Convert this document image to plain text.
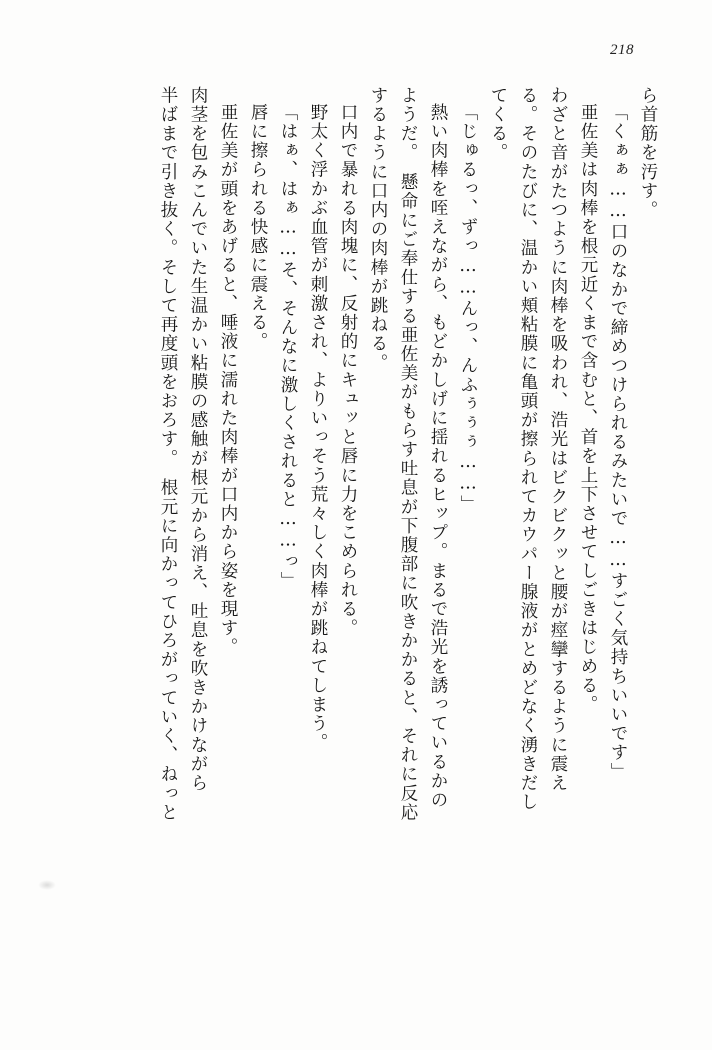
218
ら首筋を汚す。
「くぁぁ……口のなかで締めつけられるみたいで……すごく気持ちいいです」
亜佐美は肉棒を根元近くまで含むと、首を上下させてしごきはじめる。
わざと音がたつように肉棒を吸われ、浩光はビクビクッと腰が痙攣するように震え
る。そのたびに、温かい頬粘膜に亀頭が擦られてカウパー腺液がとめどなく湧きだし
てくる。
「じゅるっ、ずっ……んっ、んふぅぅぅ……」
熱い肉棒を咥えながら、もどかしげに揺れるヒップ。まるで浩光を誘っているかの
ようだ。　懸命にご奉仕する亜佐美がもらす吐息が下腹部に吹きかかると、それに反応
するように口内の肉棒が跳ねる。
口内で暴れる肉塊に、反射的にキュッと唇に力をこめられる。
野太く浮かぶ血管が刺激され、よりいっそう荒々しく肉棒が跳ねてしまう。
「はぁ、はぁ……そ、そんなに激しくされると……っ」
唇に擦られる快感に震える。
亜佐美が頭をあげると、唾液に濡れた肉棒が口内から姿を現す。
肉茎を包みこんでいた生温かい粘膜の感触が根元から消え、吐息を吹きかけながら
半ばまで引き抜く。そして再度頭をおろす。　根元に向かってひろがっていく、ねっと
